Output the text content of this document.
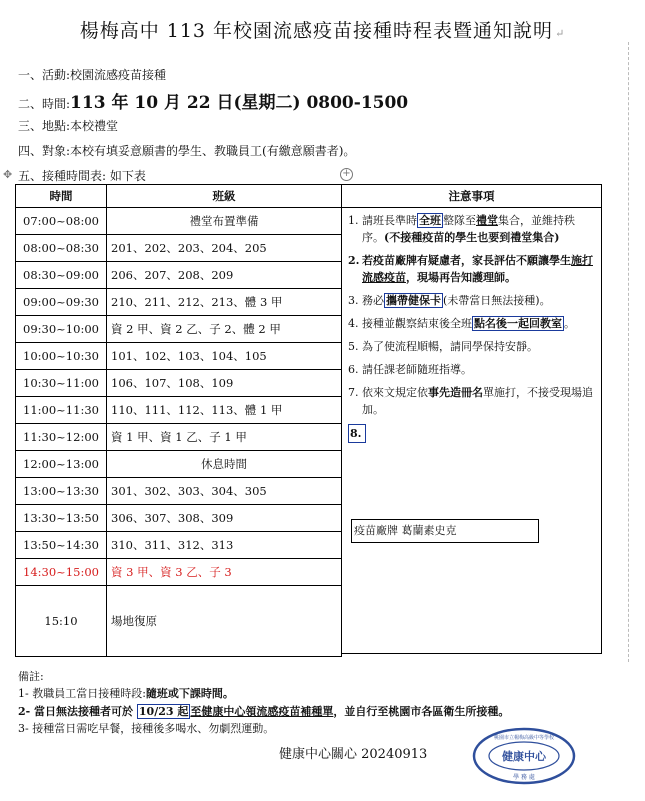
楊梅高中 113 年校園流感疫苗接種時程表暨通知說明 ↵
一、活動:校園流感疫苗接種
二、時間:113 年 10 月 22 日(星期二) 0800-1500
三、地點:本校禮堂
四、對象:本校有填妥意願書的學生、教職員工(有繳意願書者)。
✥ 五、接種時間表: 如下表	+
時間	班級
07:00~08:00	禮堂布置準備
08:00~08:30	201、202、203、204、205
08:30~09:00	206、207、208、209
09:00~09:30	210、211、212、213、體 3 甲
09:30~10:00	資 2 甲、資 2 乙、子 2、體 2 甲
10:00~10:30	101、102、103、104、105
10:30~11:00	106、107、108、109
11:00~11:30	110、111、112、113、體 1 甲
11:30~12:00	資 1 甲、資 1 乙、子 1 甲
12:00~13:00	休息時間
13:00~13:30	301、302、303、304、305
13:30~13:50	306、307、308、309
13:50~14:30	310、311、312、313
14:30~15:00	資 3 甲、資 3 乙、子 3
15:10	場地復原
注意事項
1. 請班長準時 全班 整隊至禮堂集合，並維持秩序。(不接種疫苗的學生也要到禮堂集合)
2. 若疫苗廠牌有疑慮者，家長評估不願讓學生施打流感疫苗，現場再告知護理師。
3. 務必 攜帶健保卡 (未帶當日無法接種)。
4. 接種並觀察結束後全班 點名後一起回教室 。
5. 為了使流程順暢，請同學保持安靜。
6. 請任課老師隨班指導。
7. 依來文規定依事先造冊名單施打，不接受現場追加。
8.
疫苗廠牌 葛蘭素史克
備註:
1- 教職員工當日接種時段:隨班或下課時間。
2- 當日無法接種者可於 10/23 起 至健康中心領流感疫苗補種單，並自行至桃園市各區衛生所接種。
3- 接種當日需吃早餐，接種後多喝水、勿劇烈運動。
健康中心關心 20240913	健康中心
桃園市立楊梅高級中等學校
學 務 處
